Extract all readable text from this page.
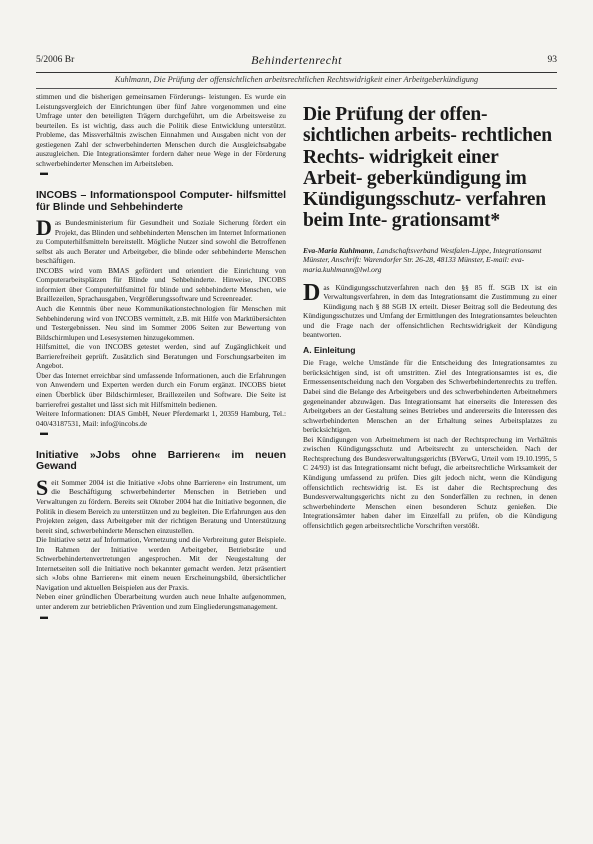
5/2006 Br	Behindertenrecht	93
Kuhlmann, Die Prüfung der offensichtlichen arbeitsrechtlichen Rechtswidrigkeit einer Arbeitgeberkündigung

stimmen und die bisherigen gemeinsamen Förderungs- leistungen. Es wurde ein Leistungsvergleich der Einrichtungen über fünf Jahre vorgenommen und eine Umfrage unter den beteiligten Trägern durchgeführt, um die Arbeitsweise zu beurteilen. Es ist wichtig, dass auch die Politik diese Entwicklung unterstützt. Probleme, das Missverhältnis zwischen Einnahmen und Ausgaben nicht von der gestiegenen Zahl der schwerbehinderten Menschen durch die Ausgleichsabgabe auszugleichen. Die Integrationsämter fordern daher neue Wege in der Förderung schwerbehinderter Menschen im Arbeitsleben.

▬
INCOBS – Informationspool Computer- hilfsmittel für Blinde und Sehbehinderte

Das Bundesministerium für Gesundheit und Soziale Sicherung fördert ein Projekt, das Blinden und sehbehinderten Menschen im Internet Informationen zu Computerhilfsmitteln bereitstellt. Mögliche Nutzer sind sowohl die Betroffenen selbst als auch Berater und Arbeitgeber, die blinde oder sehbehinderte Menschen beschäftigen.

INCOBS wird vom BMAS gefördert und orientiert die Einrichtung von Computerarbeitsplätzen für Blinde und Sehbehinderte. Hinweise, INCOBS informiert über Computerhilfsmittel für blinde und sehbehinderte Menschen, wie Braillezeilen, Sprachausgaben, Vergrößerungssoftware und Screenreader.

Auch die Kenntnis über neue Kommunikationstechnologien für Menschen mit Sehbehinderung wird von INCOBS vermittelt, z.B. mit Hilfe von Marktübersichten und Testergebnissen. Neu sind im Sommer 2006 Seiten zur Bewertung von Bildschirmlupen und Lesesystemen hinzugekommen.

Hilfsmittel, die von INCOBS getestet werden, sind auf Zugänglichkeit und Barrierefreiheit geprüft. Zusätzlich sind Beratungen und Forschungsarbeiten im Angebot.

Über das Internet erreichbar sind umfassende Informationen, auch die Erfahrungen von Anwendern und Experten werden durch ein Forum ergänzt. INCOBS bietet einen Überblick über Bildschirmleser, Braillezeilen und Software. Die Seite ist barrierefrei gestaltet und lässt sich mit Hilfsmitteln bedienen.

Weitere Informationen: DIAS GmbH, Neuer Pferdemarkt 1, 20359 Hamburg, Tel.: 040/43187531, Mail: info@incobs.de

▬
Initiative »Jobs ohne Barrieren« im neuen Gewand

Seit Sommer 2004 ist die Initiative »Jobs ohne Barrieren« ein Instrument, um die Beschäftigung schwerbehinderter Menschen in Betrieben und Verwaltungen zu fördern. Bereits seit Oktober 2004 hat die Initiative begonnen, die Politik in diesem Bereich zu unterstützen und zu begleiten. Die Erfahrungen aus den Projekten zeigen, dass Arbeitgeber mit der richtigen Beratung und Unterstützung bereit sind, schwerbehinderte Menschen einzustellen.

Die Initiative setzt auf Information, Vernetzung und die Verbreitung guter Beispiele. Im Rahmen der Initiative werden Arbeitgeber, Betriebsräte und Schwerbehindertenvertretungen angesprochen. Mit der Neugestaltung der Internetseiten soll die Initiative noch bekannter gemacht werden. Jetzt präsentiert sich »Jobs ohne Barrieren« mit einem neuen Erscheinungsbild, übersichtlicher Navigation und aktuellen Beispielen aus der Praxis.

Neben einer gründlichen Überarbeitung wurden auch neue Inhalte aufgenommen, unter anderem zur betrieblichen Prävention und zum Eingliederungsmanagement.

▬
Die Prüfung der offen- sichtlichen arbeits- rechtlichen Rechts- widrigkeit einer Arbeit- geberkündigung im Kündigungsschutz- verfahren beim Inte- grationsamt*
Eva-Maria Kuhlmann, Landschaftsverband Westfalen-Lippe, Integrationsamt Münster, Anschrift: Warendorfer Str. 26-28, 48133 Münster, E-mail: eva-maria.kuhlmann@lwl.org

Das Kündigungsschutzverfahren nach den §§ 85 ff. SGB IX ist ein Verwaltungsverfahren, in dem das Integrationsamt die Zustimmung zu einer Kündigung nach § 88 SGB IX erteilt. Dieser Beitrag soll die Bedeutung des Kündigungsschutzes und Umfang der Ermittlungen des Integrationsamtes beleuchten und die Frage nach der offensichtlichen Rechtswidrigkeit der Kündigung beantworten.

A. Einleitung

Die Frage, welche Umstände für die Entscheidung des Integrationsamtes zu berücksichtigen sind, ist oft umstritten. Ziel des Integrationsamtes ist es, die Ermessensentscheidung nach den Vorgaben des Schwerbehindertenrechts zu treffen. Dabei sind die Belange des Arbeitgebers und des schwerbehinderten Arbeitnehmers gegeneinander abzuwägen. Das Integrationsamt hat einerseits die Interessen des Arbeitgebers an der Gestaltung seines Betriebes und andererseits die Interessen des schwerbehinderten Menschen an der Erhaltung seines Arbeitsplatzes zu berücksichtigen.

Bei Kündigungen von Arbeitnehmern ist nach der Rechtsprechung im Verhältnis zwischen Kündigungsschutz und Arbeitsrecht zu unterscheiden. Nach der Rechtsprechung des Bundesverwaltungsgerichts (BVerwG, Urteil vom 19.10.1995, 5 C 24/93) ist das Integrationsamt nicht befugt, die arbeitsrechtliche Wirksamkeit der Kündigung umfassend zu prüfen. Dies gilt jedoch nicht, wenn die Kündigung offensichtlich rechtswidrig ist. Es ist daher die Rechtsprechung des Bundesverwaltungsgerichts nicht zu den Sonderfällen zu rechnen, in denen schwerbehinderte Menschen einen besonderen Schutz genießen. Die Integrationsämter haben daher im Einzelfall zu prüfen, ob die Kündigung offensichtlich gegen arbeitsrechtliche Vorschriften verstößt.
